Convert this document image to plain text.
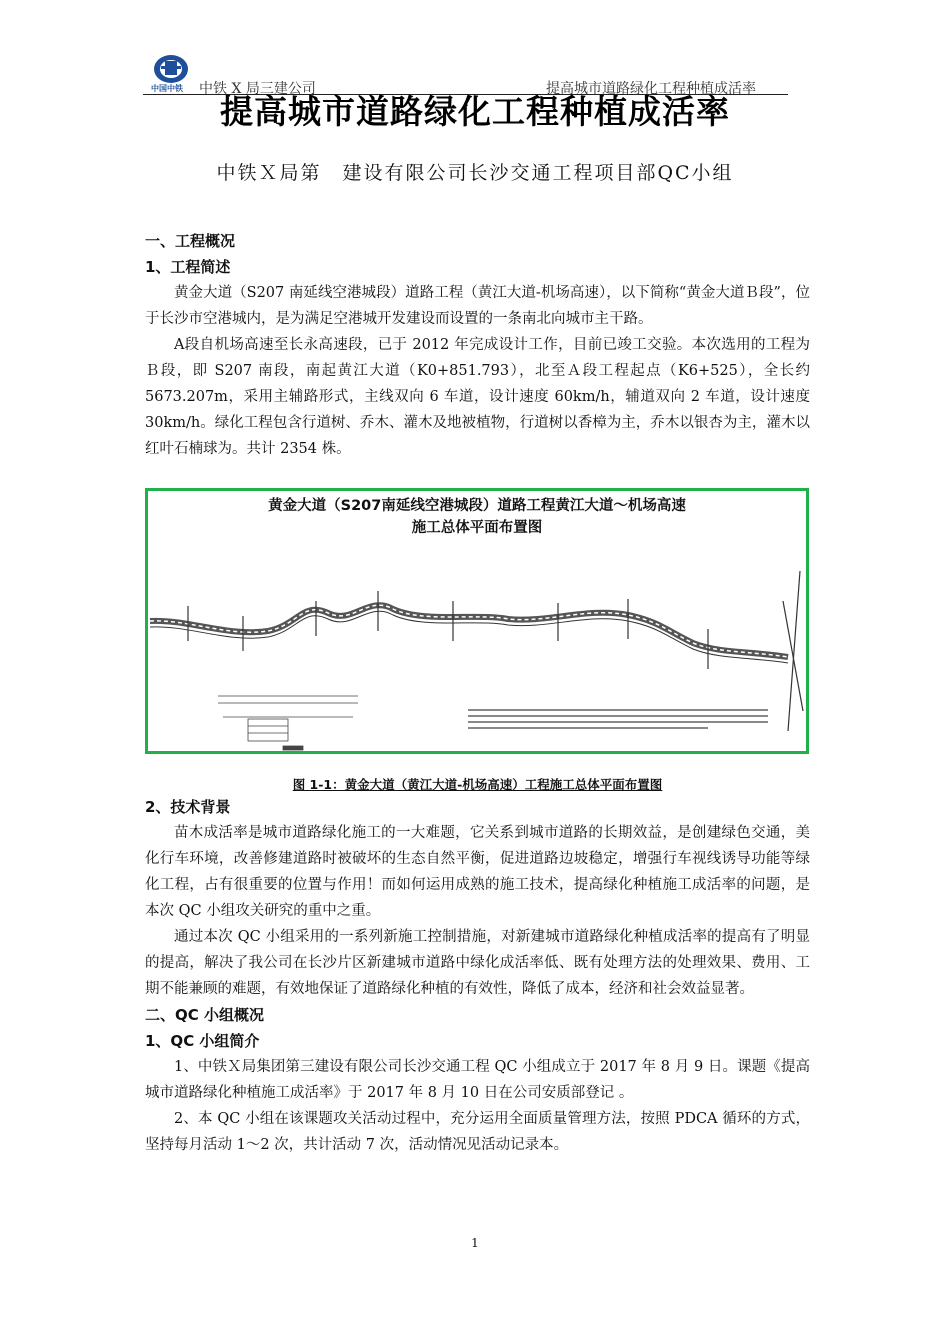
中国中铁 中铁 X 局三建公司	提高城市道路绿化工程种植成活率
提高城市道路绿化工程种植成活率
中铁Ｘ局第　建设有限公司长沙交通工程项目部QC小组
一、工程概况
1、工程简述

黄金大道（S207 南延线空港城段）道路工程（黄江大道-机场高速），以下简称“黄金大道Ｂ段”，位于长沙市空港城内，是为满足空港城开发建设而设置的一条南北向城市主干路。

A段自机场高速至长永高速段，已于 2012 年完成设计工作，目前已竣工交验。本次选用的工程为Ｂ段，即 S207 南段，南起黄江大道（K0+851.793），北至Ａ段工程起点（K6+525），全长约 5673.207m，采用主辅路形式，主线双向 6 车道，设计速度 60km/h，辅道双向 2 车道，设计速度 30km/h。绿化工程包含行道树、乔木、灌木及地被植物，行道树以香樟为主，乔木以银杏为主，灌木以红叶石楠球为。共计 2354 株。

黄金大道（S207南延线空港城段）道路工程黄江大道～机场高速
施工总体平面布置图
图 1-1：黄金大道（黄江大道-机场高速）工程施工总体平面布置图
2、技术背景

苗木成活率是城市道路绿化施工的一大难题，它关系到城市道路的长期效益，是创建绿色交通，美化行车环境，改善修建道路时被破坏的生态自然平衡，促进道路边坡稳定，增强行车视线诱导功能等绿化工程，占有很重要的位置与作用！而如何运用成熟的施工技术，提高绿化种植施工成活率的问题，是本次 QC 小组攻关研究的重中之重。

通过本次 QC 小组采用的一系列新施工控制措施，对新建城市道路绿化种植成活率的提高有了明显的提高，解决了我公司在长沙片区新建城市道路中绿化成活率低、既有处理方法的处理效果、费用、工期不能兼顾的难题，有效地保证了道路绿化种植的有效性，降低了成本，经济和社会效益显著。

二、QC 小组概况
1、QC 小组简介

1、中铁Ｘ局集团第三建设有限公司长沙交通工程 QC 小组成立于 2017 年 8 月 9 日。课题《提高城市道路绿化种植施工成活率》于 2017 年 8 月 10 日在公司安质部登记 。

2、本 QC 小组在该课题攻关活动过程中，充分运用全面质量管理方法，按照 PDCA 循环的方式，坚持每月活动 1～2 次，共计活动 7 次，活动情况见活动记录本。

1
